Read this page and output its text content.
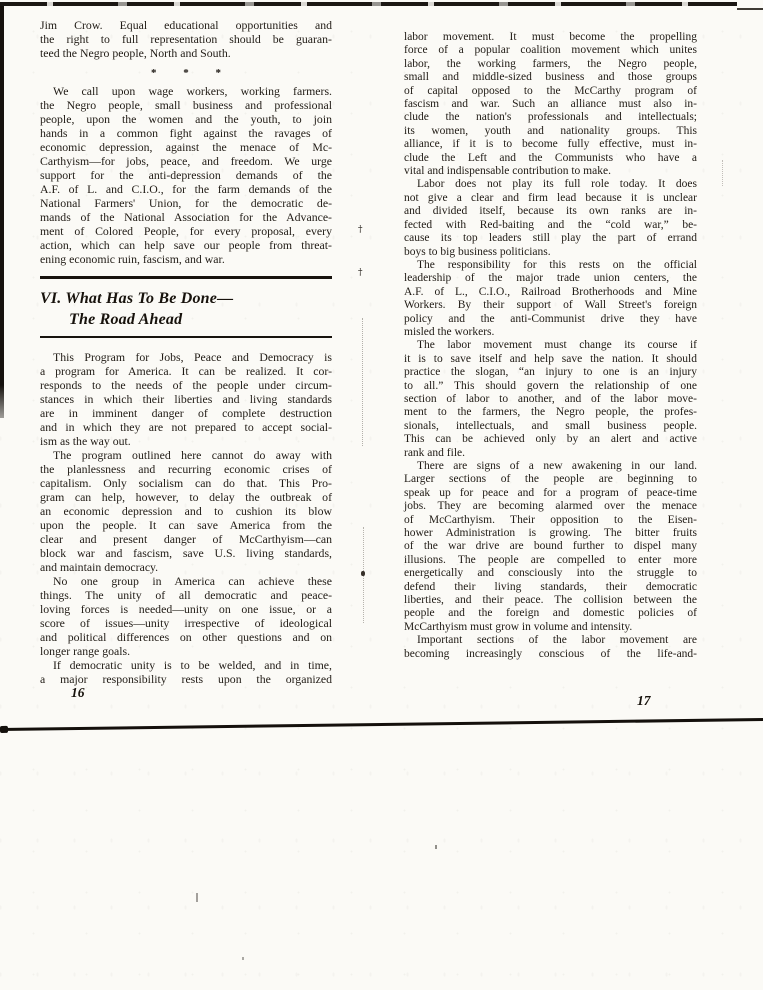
Jim Crow. Equal educational opportunities and
the right to full representation should be guaran-
teed the Negro people, North and South.
* * *
We call upon wage workers, working farmers.
the Negro people, small business and professional
people, upon the women and the youth, to join
hands in a common fight against the ravages of
economic depression, against the menace of Mc-
Carthyism—for jobs, peace, and freedom. We urge
support for the anti-depression demands of the
A.F. of L. and C.I.O., for the farm demands of the
National Farmers' Union, for the democratic de-
mands of the National Association for the Advance-
ment of Colored People, for every proposal, every
action, which can help save our people from threat-
ening economic ruin, fascism, and war.
VI. What Has To Be Done—
The Road Ahead
This Program for Jobs, Peace and Democracy is
a program for America. It can be realized. It cor-
responds to the needs of the people under circum-
stances in which their liberties and living standards
are in imminent danger of complete destruction
and in which they are not prepared to accept social-
ism as the way out.
The program outlined here cannot do away with
the planlessness and recurring economic crises of
capitalism. Only socialism can do that. This Pro-
gram can help, however, to delay the outbreak of
an economic depression and to cushion its blow
upon the people. It can save America from the
clear and present danger of McCarthyism—can
block war and fascism, save U.S. living standards,
and maintain democracy.
No one group in America can achieve these
things. The unity of all democratic and peace-
loving forces is needed—unity on one issue, or a
score of issues—unity irrespective of ideological
and political differences on other questions and on
longer range goals.
If democratic unity is to be welded, and in time,
a major responsibility rests upon the organized
labor movement. It must become the propelling
force of a popular coalition movement which unites
labor, the working farmers, the Negro people,
small and middle-sized business and those groups
of capital opposed to the McCarthy program of
fascism and war. Such an alliance must also in-
clude the nation's professionals and intellectuals;
its women, youth and nationality groups. This
alliance, if it is to become fully effective, must in-
clude the Left and the Communists who have a
vital and indispensable contribution to make.
Labor does not play its full role today. It does
not give a clear and firm lead because it is unclear
and divided itself, because its own ranks are in-
fected with Red-baiting and the “cold war,” be-
cause its top leaders still play the part of errand
boys to big business politicians.
The responsibility for this rests on the official
leadership of the major trade union centers, the
A.F. of L., C.I.O., Railroad Brotherhoods and Mine
Workers. By their support of Wall Street's foreign
policy and the anti-Communist drive they have
misled the workers.
The labor movement must change its course if
it is to save itself and help save the nation. It should
practice the slogan, “an injury to one is an injury
to all.” This should govern the relationship of one
section of labor to another, and of the labor move-
ment to the farmers, the Negro people, the profes-
sionals, intellectuals, and small business people.
This can be achieved only by an alert and active
rank and file.
There are signs of a new awakening in our land.
Larger sections of the people are beginning to
speak up for peace and for a program of peace-time
jobs. They are becoming alarmed over the menace
of McCarthyism. Their opposition to the Eisen-
hower Administration is growing. The bitter fruits
of the war drive are bound further to dispel many
illusions. The people are compelled to enter more
energetically and consciously into the struggle to
defend their living standards, their democratic
liberties, and their peace. The collision between the
people and the foreign and domestic policies of
McCarthyism must grow in volume and intensity.
Important sections of the labor movement are
becoming increasingly conscious of the life-and-
16
17
†
†
